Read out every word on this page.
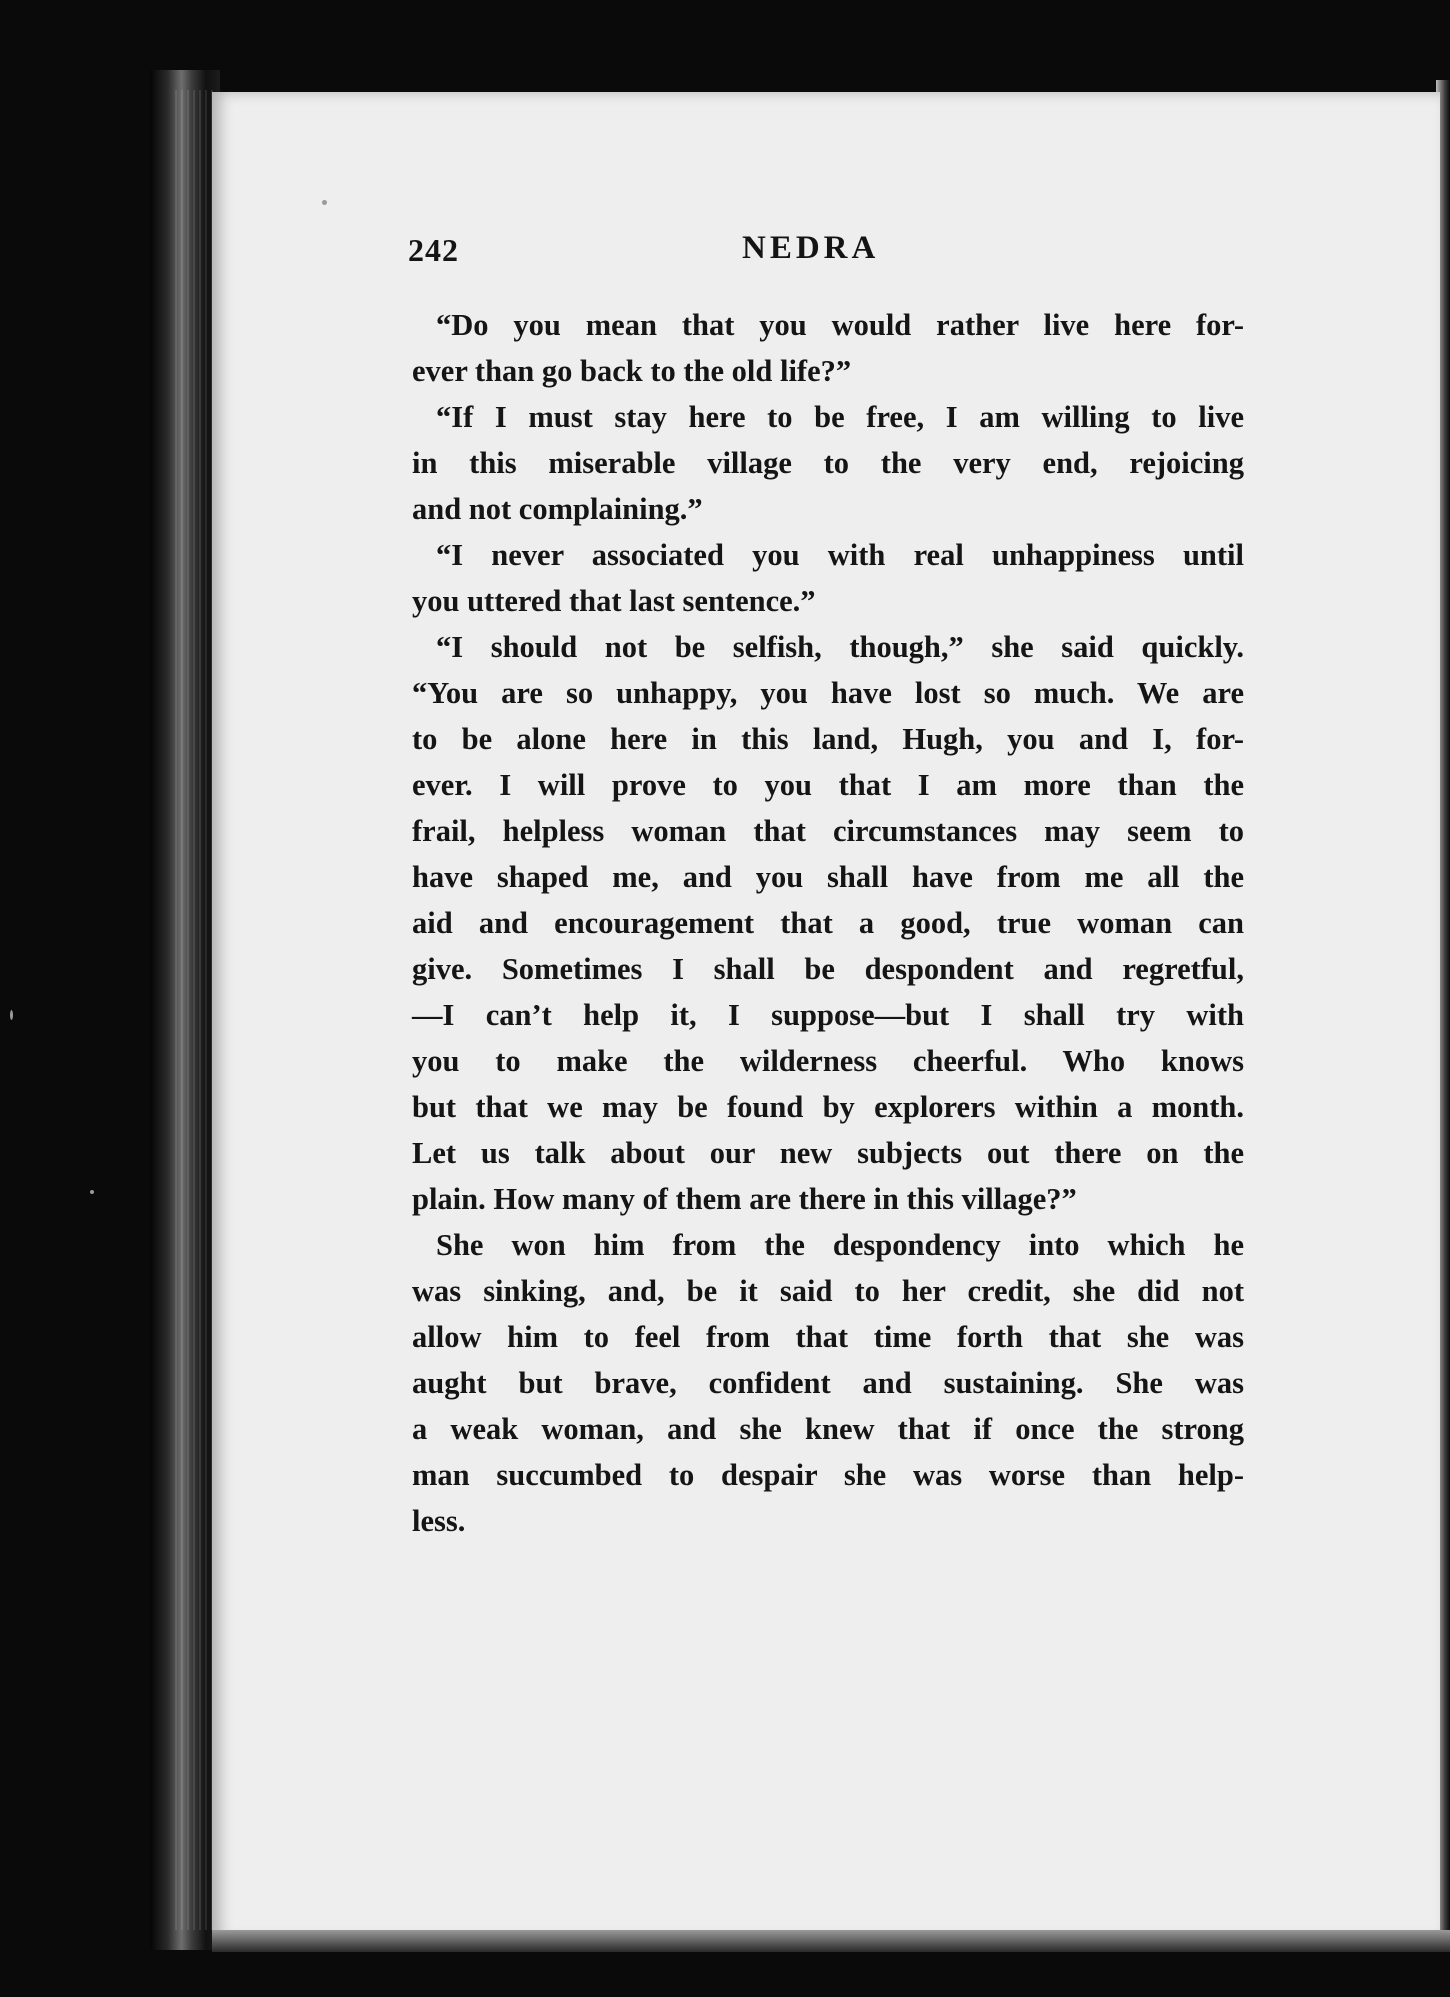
242	NEDRA
“Do you mean that you would rather live here for-
ever than go back to the old life?”
“If I must stay here to be free, I am willing to live
in this miserable village to the very end, rejoicing
and not complaining.”
“I never associated you with real unhappiness until
you uttered that last sentence.”
“I should not be selfish, though,” she said quickly.
“You are so unhappy, you have lost so much. We are
to be alone here in this land, Hugh, you and I, for-
ever. I will prove to you that I am more than the
frail, helpless woman that circumstances may seem to
have shaped me, and you shall have from me all the
aid and encouragement that a good, true woman can
give. Sometimes I shall be despondent and regretful,
—I can’t help it, I suppose—but I shall try with
you to make the wilderness cheerful. Who knows
but that we may be found by explorers within a month.
Let us talk about our new subjects out there on the
plain. How many of them are there in this village?”
She won him from the despondency into which he
was sinking, and, be it said to her credit, she did not
allow him to feel from that time forth that she was
aught but brave, confident and sustaining. She was
a weak woman, and she knew that if once the strong
man succumbed to despair she was worse than help-
less.
